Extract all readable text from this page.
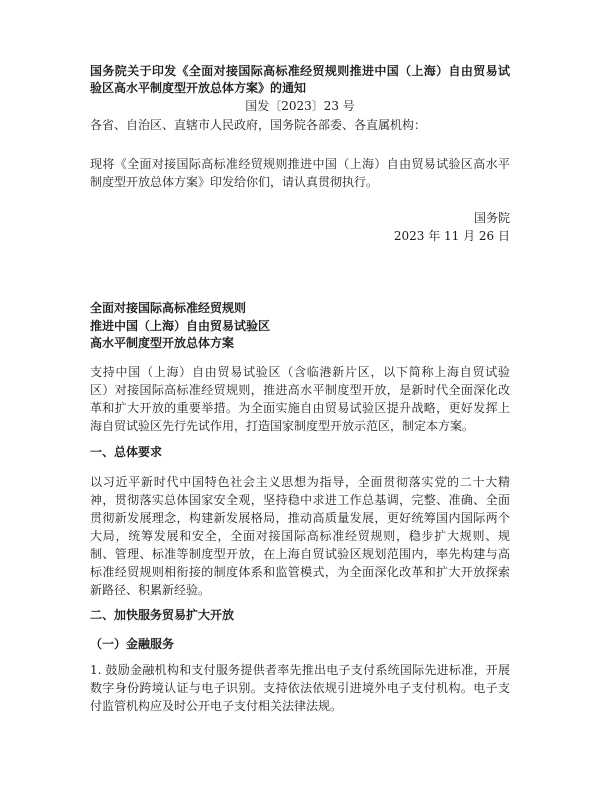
国务院关于印发《全面对接国际高标准经贸规则推进中国（上海）自由贸易试
验区高水平制度型开放总体方案》的通知
国发〔2023〕23 号
各省、自治区、直辖市人民政府，国务院各部委、各直属机构：
现将《全面对接国际高标准经贸规则推进中国（上海）自由贸易试验区高水平
制度型开放总体方案》印发给你们，请认真贯彻执行。
国务院
2023 年 11 月 26 日
全面对接国际高标准经贸规则
推进中国（上海）自由贸易试验区
高水平制度型开放总体方案
支持中国（上海）自由贸易试验区（含临港新片区，以下简称上海自贸试验
区）对接国际高标准经贸规则，推进高水平制度型开放，是新时代全面深化改
革和扩大开放的重要举措。为全面实施自由贸易试验区提升战略，更好发挥上
海自贸试验区先行先试作用，打造国家制度型开放示范区，制定本方案。
一、总体要求
以习近平新时代中国特色社会主义思想为指导，全面贯彻落实党的二十大精
神，贯彻落实总体国家安全观，坚持稳中求进工作总基调，完整、准确、全面
贯彻新发展理念，构建新发展格局，推动高质量发展，更好统筹国内国际两个
大局，统筹发展和安全，全面对接国际高标准经贸规则，稳步扩大规则、规
制、管理、标准等制度型开放，在上海自贸试验区规划范围内，率先构建与高
标准经贸规则相衔接的制度体系和监管模式，为全面深化改革和扩大开放探索
新路径、积累新经验。
二、加快服务贸易扩大开放
（一）金融服务
1. 鼓励金融机构和支付服务提供者率先推出电子支付系统国际先进标准，开展
数字身份跨境认证与电子识别。支持依法依规引进境外电子支付机构。电子支
付监管机构应及时公开电子支付相关法律法规。
